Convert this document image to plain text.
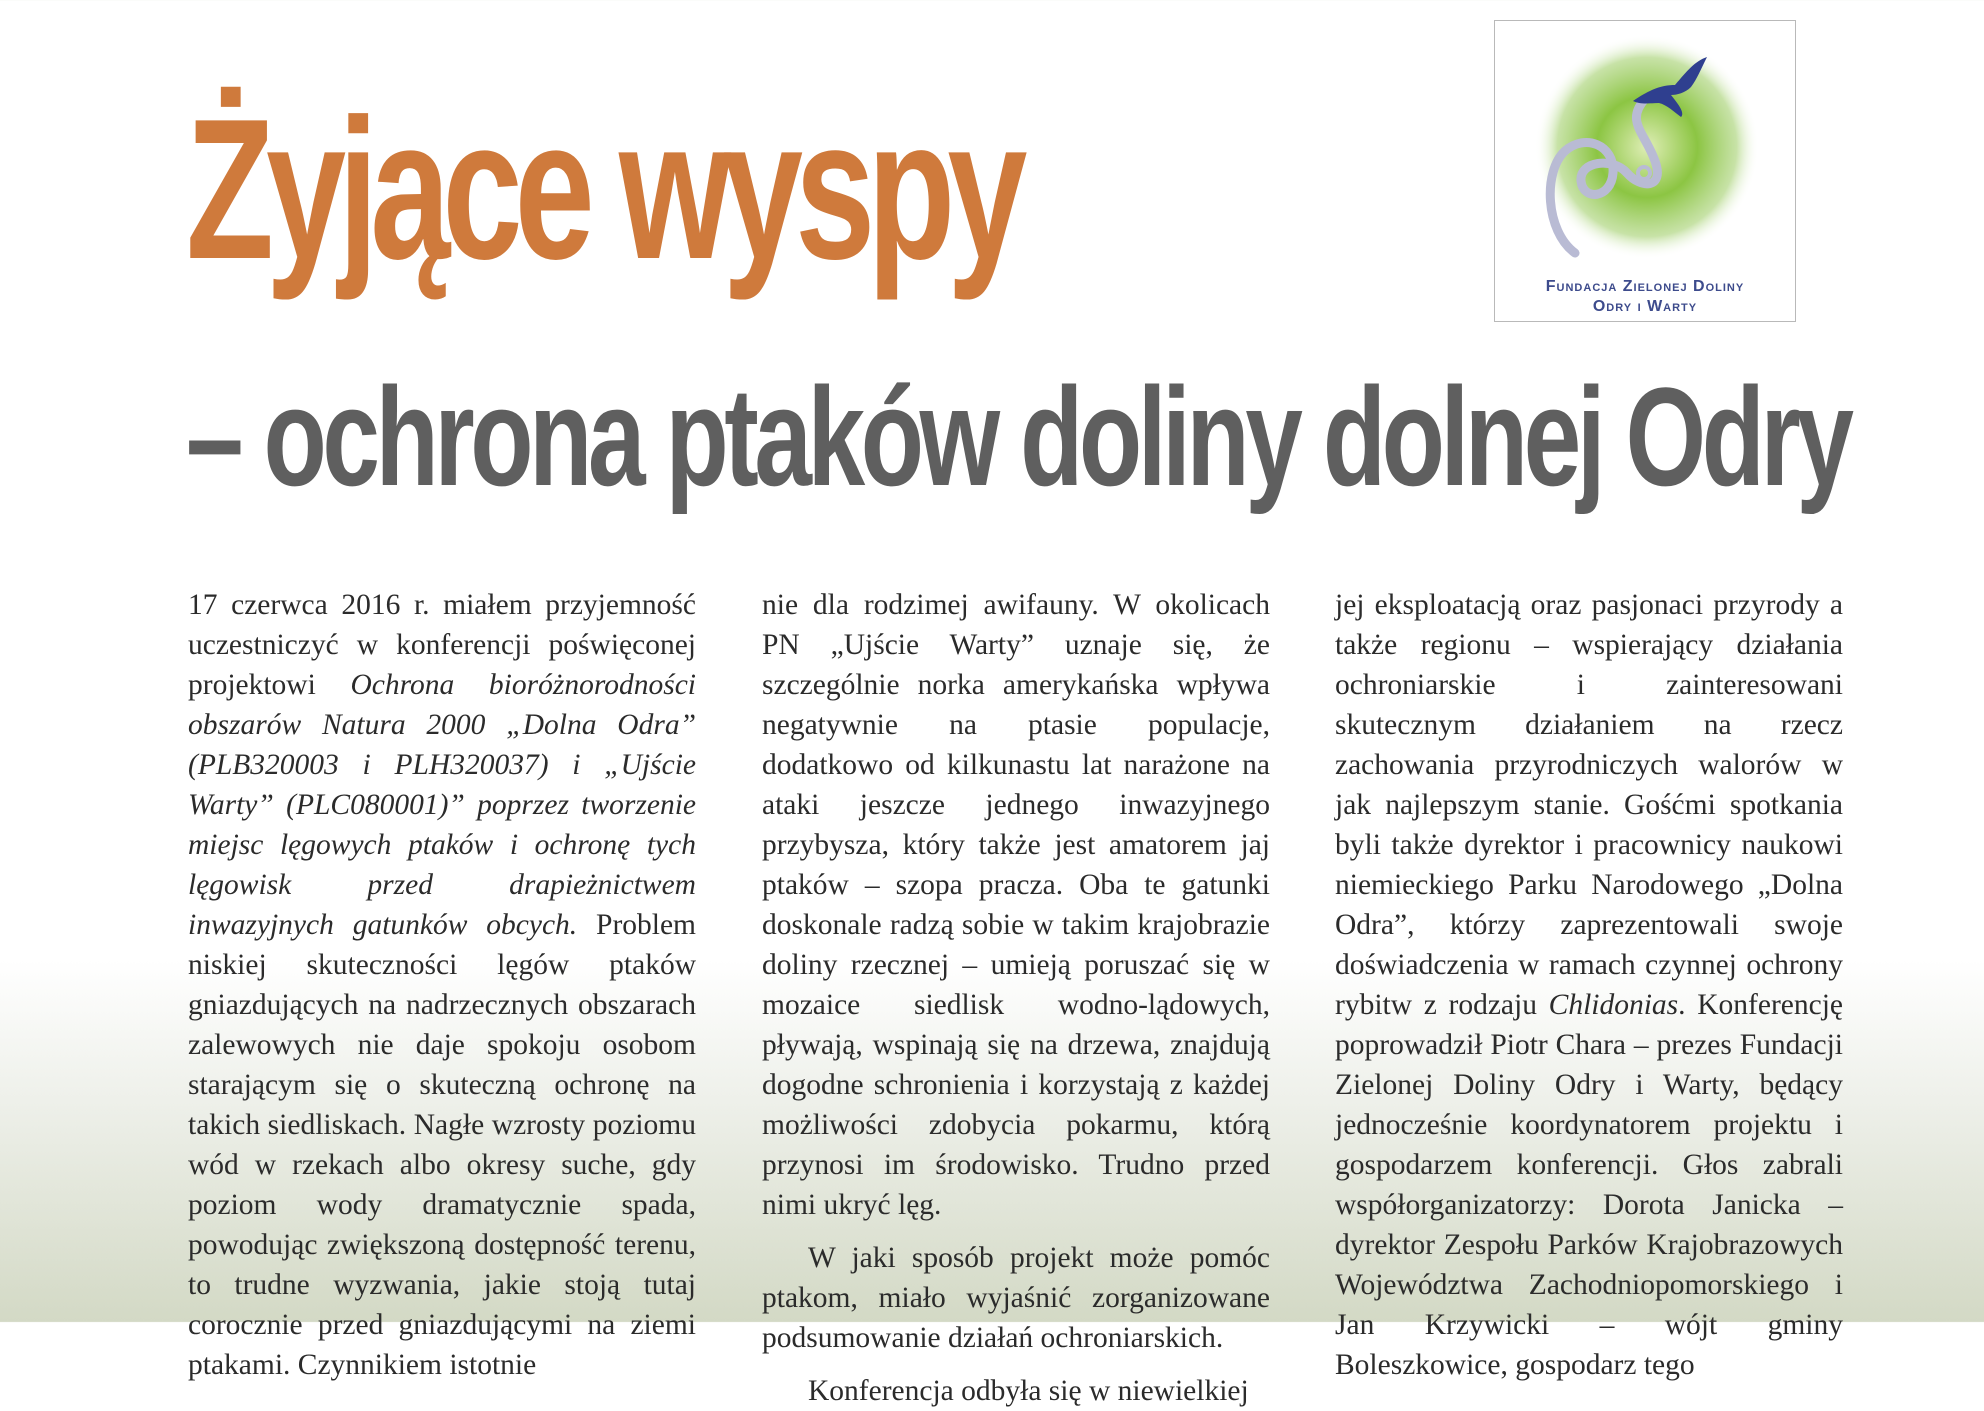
Żyjące wyspy
– ochrona ptaków doliny dolnej Odry
Fundacja Zielonej Doliny
Odry i Warty

17 czerwca 2016 r. miałem przyjemność uczestniczyć w konferencji poświęconej projektowi Ochrona bioróżnorodności obszarów Natura 2000 „Dolna Odra” (PLB320003 i PLH320037) i „Ujście Warty” (PLC080001)” poprzez tworzenie miejsc lęgowych ptaków i ochronę tych lęgowisk przed drapieżnictwem inwazyjnych gatunków obcych. Problem niskiej skuteczności lęgów ptaków gniazdujących na nadrzecznych obszarach zalewowych nie daje spokoju osobom starającym się o skuteczną ochronę na takich siedliskach. Nagłe wzrosty poziomu wód w rzekach albo okresy suche, gdy poziom wody dramatycznie spada, powodując zwiększoną dostępność terenu, to trudne wyzwania, jakie stoją tutaj corocznie przed gniazdującymi na ziemi ptakami. Czynnikiem istotnie

nie dla rodzimej awifauny. W okolicach PN „Ujście Warty” uznaje się, że szczególnie norka amerykańska wpływa negatywnie na ptasie populacje, dodatkowo od kilkunastu lat narażone na ataki jeszcze jednego inwazyjnego przybysza, który także jest amatorem jaj ptaków – szopa pracza. Oba te gatunki doskonale radzą sobie w takim krajobrazie doliny rzecznej – umieją poruszać się w mozaice siedlisk wodno-lądowych, pływają, wspinają się na drzewa, znajdują dogodne schronienia i korzystają z każdej możliwości zdobycia pokarmu, którą przynosi im środowisko. Trudno przed nimi ukryć lęg.

W jaki sposób projekt może pomóc ptakom, miało wyjaśnić zorganizowane podsumowanie działań ochroniarskich.

Konferencja odbyła się w niewielkiej

jej eksploatacją oraz pasjonaci przyrody a także regionu – wspierający działania ochroniarskie i zainteresowani skutecznym działaniem na rzecz zachowania przyrodniczych walorów w jak najlepszym stanie. Gośćmi spotkania byli także dyrektor i pracownicy naukowi niemieckiego Parku Narodowego „Dolna Odra”, którzy zaprezentowali swoje doświadczenia w ramach czynnej ochrony rybitw z rodzaju Chlidonias. Konferencję poprowadził Piotr Chara – prezes Fundacji Zielonej Doliny Odry i Warty, będący jednocześnie koordynatorem projektu i gospodarzem konferencji. Głos zabrali współorganizatorzy: Dorota Janicka – dyrektor Zespołu Parków Krajobrazowych Województwa Zachodniopomorskiego i Jan Krzywicki – wójt gminy Boleszkowice, gospodarz tego
